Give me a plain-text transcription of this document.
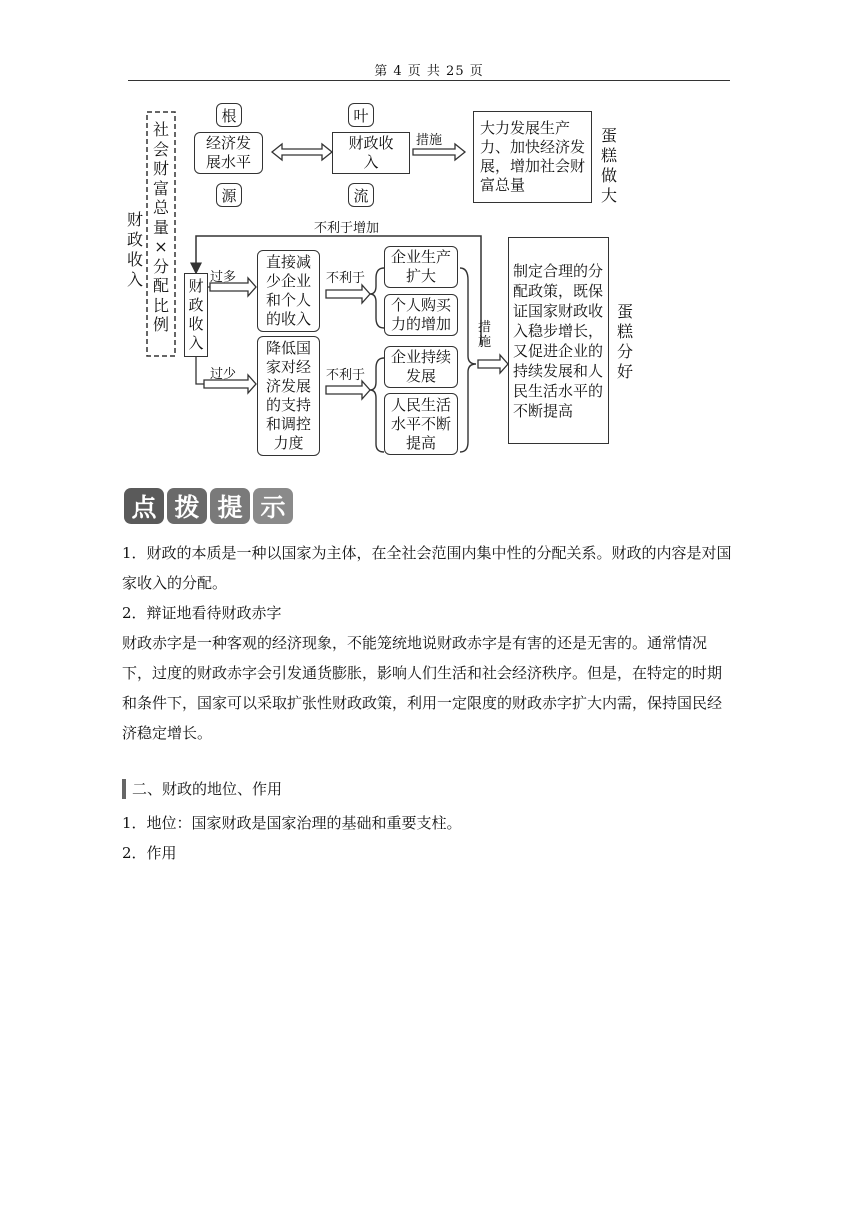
第 4 页 共 25 页
财政收入
社会财富总量×分配比例
根
经济发展水平
源
叶
财政收入
流
措施
大力发展生产力、加快经济发展，增加社会财富总量
蛋糕做大
不利于增加
财政收入
过多
过少
直接减少企业和个人的收入
降低国家对经济发展的支持和调控力度
不利于
不利于
企业生产扩大
个人购买力的增加
企业持续发展
人民生活水平不断提高
措施
制定合理的分配政策，既保证国家财政收入稳步增长，又促进企业的持续发展和人民生活水平的不断提高
蛋糕分好
点 拨 提 示

1．财政的本质是一种以国家为主体，在全社会范围内集中性的分配关系。财政的内容是对国家收入的分配。

2．辩证地看待财政赤字

财政赤字是一种客观的经济现象，不能笼统地说财政赤字是有害的还是无害的。通常情况下，过度的财政赤字会引发通货膨胀，影响人们生活和社会经济秩序。但是，在特定的时期和条件下，国家可以采取扩张性财政政策，利用一定限度的财政赤字扩大内需，保持国民经济稳定增长。

二、财政的地位、作用

1．地位：国家财政是国家治理的基础和重要支柱。

2．作用
